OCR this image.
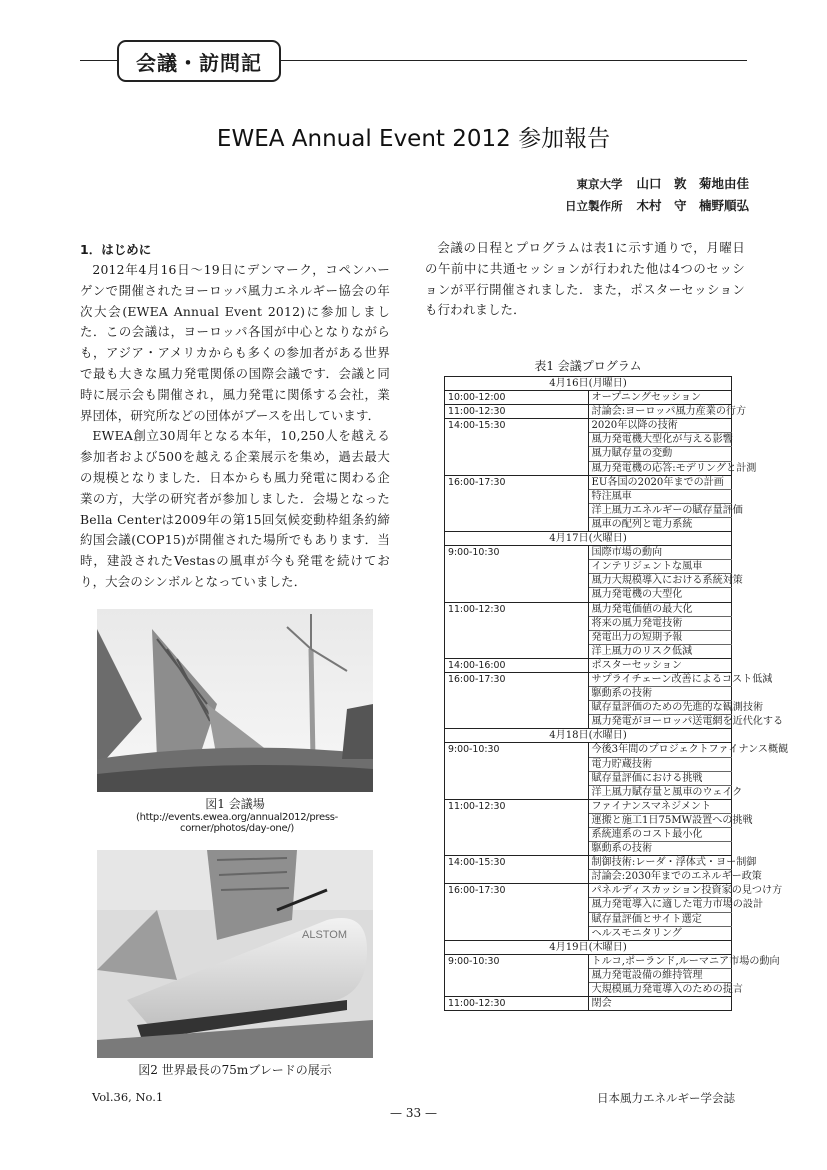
会議・訪問記
EWEA Annual Event 2012 参加報告
東京大学 山口　敦　菊地由佳
日立製作所 木村　守　楠野順弘
1．はじめに

2012年4月16日〜19日にデンマーク，コペンハーゲンで開催されたヨーロッパ風力エネルギー協会の年次大会(EWEA Annual Event 2012)に参加しました．この会議は，ヨーロッパ各国が中心となりながらも，アジア・アメリカからも多くの参加者がある世界で最も大きな風力発電関係の国際会議です．会議と同時に展示会も開催され，風力発電に関係する会社，業界団体，研究所などの団体がブースを出しています．

EWEA創立30周年となる本年，10,250人を越える参加者および500を越える企業展示を集め，過去最大の規模となりました．日本からも風力発電に関わる企業の方，大学の研究者が参加しました．会場となったBella Centerは2009年の第15回気候変動枠組条約締約国会議(COP15)が開催された場所でもあります．当時，建設されたVestasの風車が今も発電を続けており，大会のシンボルとなっていました．

会議の日程とプログラムは表1に示す通りで，月曜日の午前中に共通セッションが行われた他は4つのセッションが平行開催されました．また，ポスターセッションも行われました．

図1 会議場
(http://events.ewea.org/annual2012/press-corner/photos/day-one/)
ALSTOM
図2 世界最長の75mブレードの展示
表1 会議プログラム
4月16日(月曜日)	
10:00-12:00	オープニングセッション
11:00-12:30	討論会:ヨーロッパ風力産業の行方
14:00-15:30	2020年以降の技術
	風力発電機大型化が与える影響
	風力賦存量の変動
	風力発電機の応答:モデリングと計測
16:00-17:30	EU各国の2020年までの計画
	特注風車
	洋上風力エネルギーの賦存量評価
	風車の配列と電力系統
4月17日(火曜日)	
9:00-10:30	国際市場の動向
	インテリジェントな風車
	風力大規模導入における系統対策
	風力発電機の大型化
11:00-12:30	風力発電価値の最大化
	将来の風力発電技術
	発電出力の短期予報
	洋上風力のリスク低減
14:00-16:00	ポスターセッション
16:00-17:30	サプライチェーン改善によるコスト低減
	駆動系の技術
	賦存量評価のための先進的な観測技術
	風力発電がヨーロッパ送電網を近代化する
4月18日(水曜日)	
9:00-10:30	今後3年間のプロジェクトファイナンス概観
	電力貯蔵技術
	賦存量評価における挑戦
	洋上風力賦存量と風車のウェイク
11:00-12:30	ファイナンスマネジメント
	運搬と施工1日75MW設置への挑戦
	系統連系のコスト最小化
	駆動系の技術
14:00-15:30	制御技術:レーダ・浮体式・ヨー制御
	討論会:2030年までのエネルギー政策
16:00-17:30	パネルディスカッション投資家の見つけ方
	風力発電導入に適した電力市場の設計
	賦存量評価とサイト選定
	ヘルスモニタリング
4月19日(木曜日)	
9:00-10:30	トルコ,ポーランド,ルーマニア市場の動向
	風力発電設備の維持管理
	大規模風力発電導入のための提言
11:00-12:30	閉会
Vol.36, No.1	日本風力エネルギー学会誌
— 33 —
